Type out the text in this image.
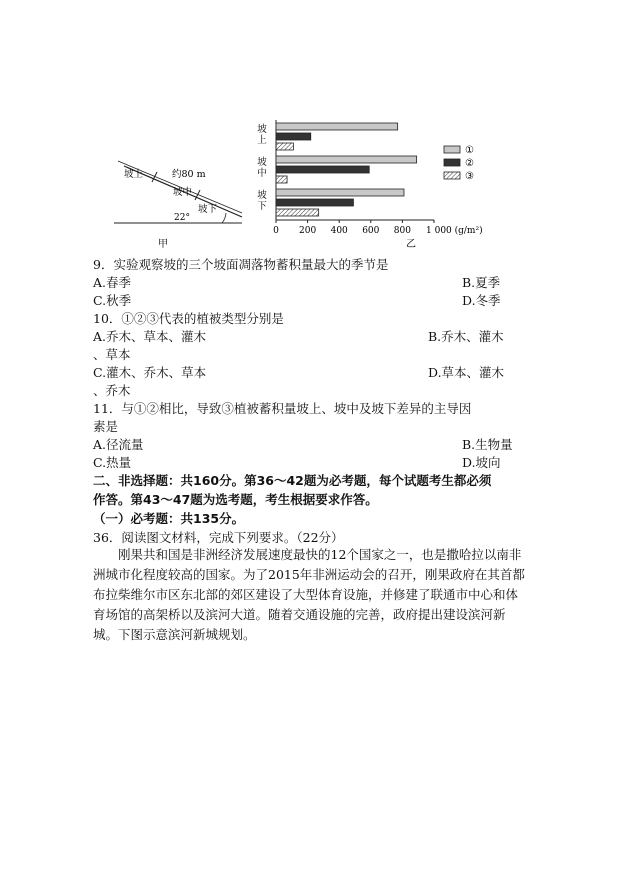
坡上	约80 m
坡中
坡下
22°
甲
0 200 400 600 800 1 000 (g/m²)
坡
上
坡
中
坡
下
①
②
③
乙
9．实验观察坡的三个坡面凋落物蓄积量最大的季节是
A.春季	B.夏季
C.秋季	D.冬季
10．①②③代表的植被类型分别是
A.乔木、草本、灌木	B.乔木、灌木
、草本
C.灌木、乔木、草本	D.草本、灌木
、乔木
11．与①②相比，导致③植被蓄积量坡上、坡中及坡下差异的主导因
素是
A.径流量	B.生物量
C.热量	D.坡向
二、非选择题：共160分。第36～42题为必考题，每个试题考生都必须
作答。第43～47题为选考题，考生根据要求作答。
（一）必考题：共135分。
36．阅读图文材料，完成下列要求。（22分）
刚果共和国是非洲经济发展速度最快的12个国家之一，也是撒哈拉以南非洲城市化程度较高的国家。为了2015年非洲运动会的召开，刚果政府在其首都布拉柴维尔市区东北部的郊区建设了大型体育设施，并修建了联通市中心和体育场馆的高架桥以及滨河大道。随着交通设施的完善，政府提出建设滨河新城。下图示意滨河新城规划。
